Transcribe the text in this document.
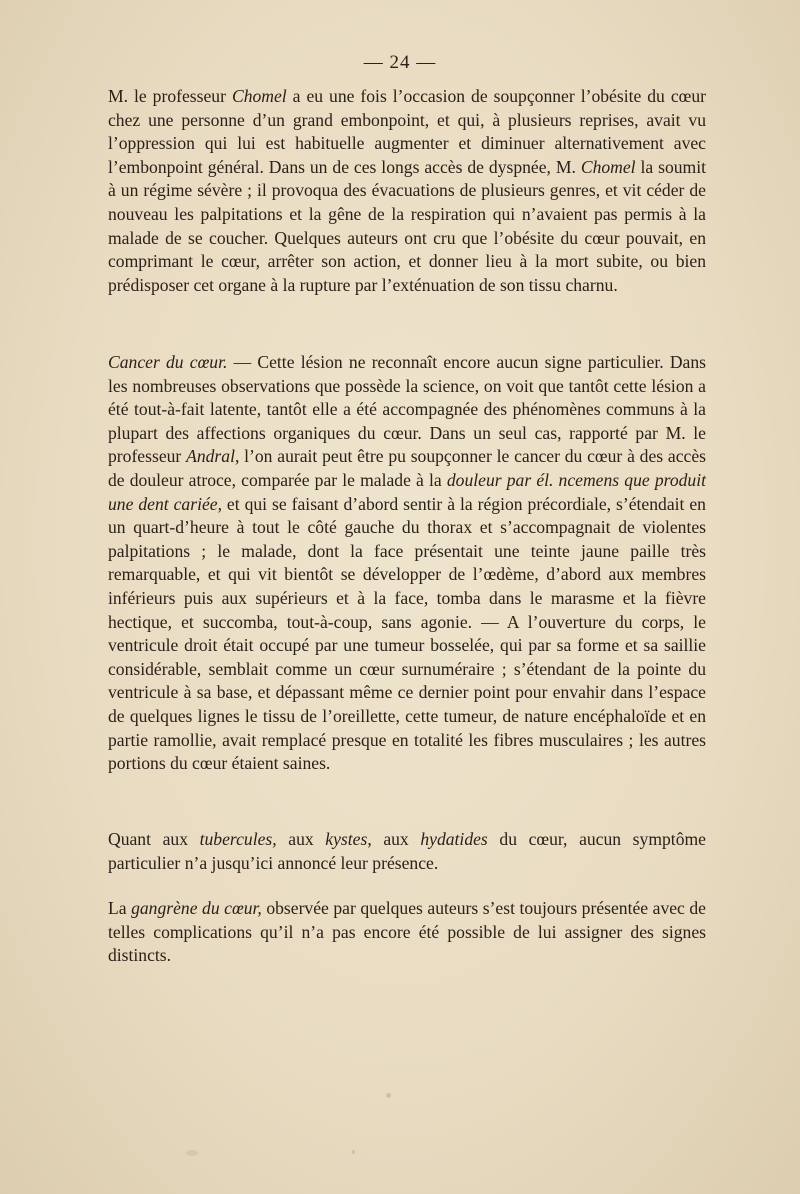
— 24 —

M. le professeur Chomel a eu une fois l’occasion de soupçonner l’obésite du cœur chez une personne d’un grand embonpoint, et qui, à plusieurs reprises, avait vu l’oppression qui lui est habituelle augmenter et diminuer alternativement avec l’embonpoint général. Dans un de ces longs accès de dyspnée, M. Chomel la soumit à un régime sévère ; il provoqua des évacuations de plusieurs genres, et vit céder de nouveau les palpitations et la gêne de la respiration qui n’avaient pas permis à la malade de se coucher. Quelques auteurs ont cru que l’obésite du cœur pouvait, en comprimant le cœur, arrêter son action, et donner lieu à la mort subite, ou bien prédisposer cet organe à la rupture par l’exténuation de son tissu charnu.

Cancer du cœur. — Cette lésion ne reconnaît encore aucun signe particulier. Dans les nombreuses observations que possède la science, on voit que tantôt cette lésion a été tout-à-fait latente, tantôt elle a été accompagnée des phénomènes communs à la plupart des affections organiques du cœur. Dans un seul cas, rapporté par M. le professeur Andral, l’on aurait peut être pu soupçonner le cancer du cœur à des accès de douleur atroce, comparée par le malade à la douleur par él. ncemens que produit une dent cariée, et qui se faisant d’abord sentir à la région précordiale, s’étendait en un quart-d’heure à tout le côté gauche du thorax et s’accompagnait de violentes palpitations ; le malade, dont la face présentait une teinte jaune paille très remarquable, et qui vit bientôt se développer de l’œdème, d’abord aux membres inférieurs puis aux supérieurs et à la face, tomba dans le marasme et la fièvre hectique, et succomba, tout-à-coup, sans agonie. — A l’ouverture du corps, le ventricule droit était occupé par une tumeur bosselée, qui par sa forme et sa saillie considérable, semblait comme un cœur surnuméraire ; s’étendant de la pointe du ventricule à sa base, et dépassant même ce dernier point pour envahir dans l’espace de quelques lignes le tissu de l’oreillette, cette tumeur, de nature encéphaloïde et en partie ramollie, avait remplacé presque en totalité les fibres musculaires ; les autres portions du cœur étaient saines.

Quant aux tubercules, aux kystes, aux hydatides du cœur, aucun symptôme particulier n’a jusqu’ici annoncé leur présence.

La gangrène du cœur, observée par quelques auteurs s’est toujours présentée avec de telles complications qu’il n’a pas encore été possible de lui assigner des signes distincts.
